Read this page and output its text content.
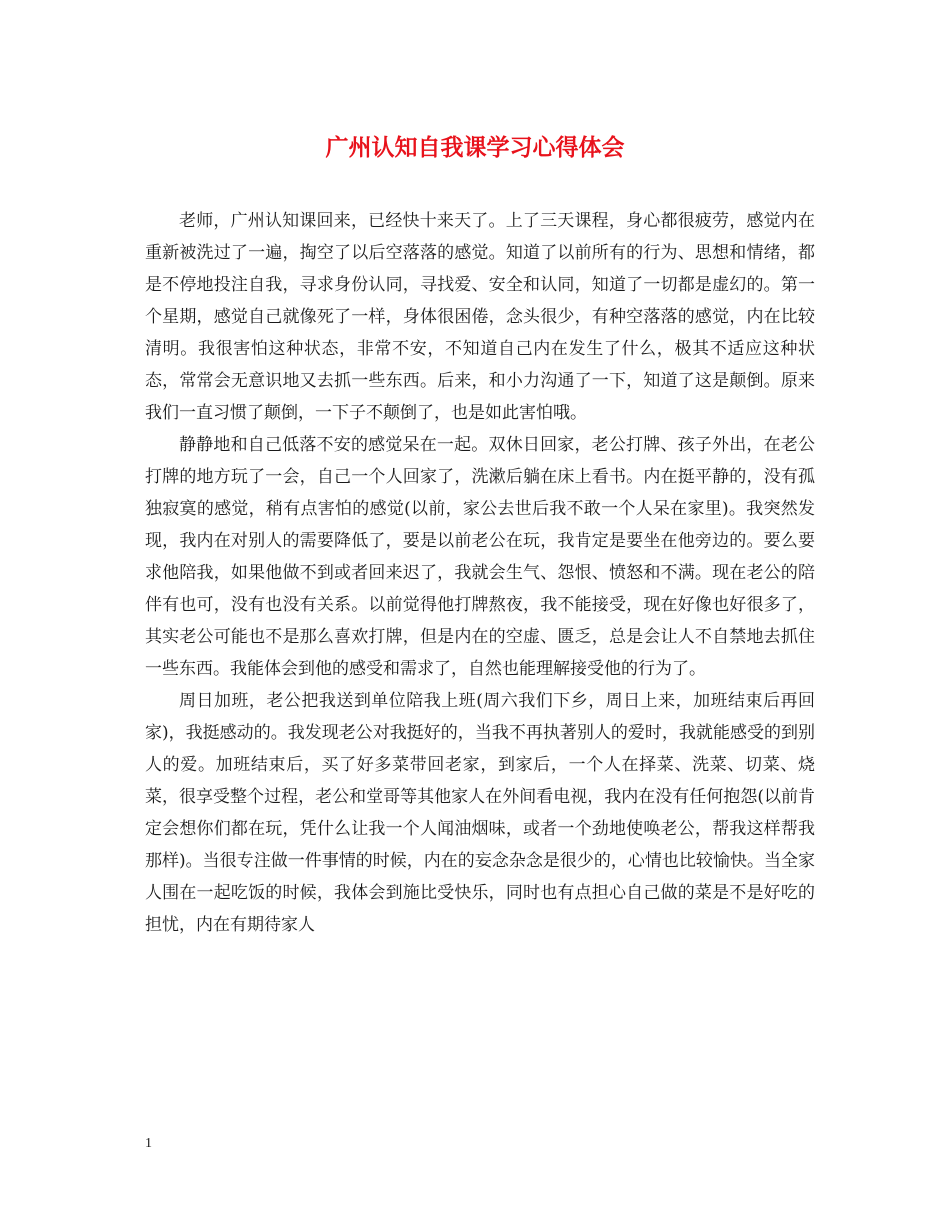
广州认知自我课学习心得体会

老师，广州认知课回来，已经快十来天了。上了三天课程，身心都很疲劳，感觉内在重新被洗过了一遍，掏空了以后空落落的感觉。知道了以前所有的行为、思想和情绪，都是不停地投注自我，寻求身份认同，寻找爱、安全和认同，知道了一切都是虚幻的。第一个星期，感觉自己就像死了一样，身体很困倦，念头很少，有种空落落的感觉，内在比较清明。我很害怕这种状态，非常不安，不知道自己内在发生了什么，极其不适应这种状态，常常会无意识地又去抓一些东西。后来，和小力沟通了一下，知道了这是颠倒。原来我们一直习惯了颠倒，一下子不颠倒了，也是如此害怕哦。

静静地和自己低落不安的感觉呆在一起。双休日回家，老公打牌、孩子外出，在老公打牌的地方玩了一会，自己一个人回家了，洗漱后躺在床上看书。内在挺平静的，没有孤独寂寞的感觉，稍有点害怕的感觉(以前，家公去世后我不敢一个人呆在家里)。我突然发现，我内在对别人的需要降低了，要是以前老公在玩，我肯定是要坐在他旁边的。要么要求他陪我，如果他做不到或者回来迟了，我就会生气、怨恨、愤怒和不满。现在老公的陪伴有也可，没有也没有关系。以前觉得他打牌熬夜，我不能接受，现在好像也好很多了，其实老公可能也不是那么喜欢打牌，但是内在的空虚、匮乏，总是会让人不自禁地去抓住一些东西。我能体会到他的感受和需求了，自然也能理解接受他的行为了。

周日加班，老公把我送到单位陪我上班(周六我们下乡，周日上来，加班结束后再回家)，我挺感动的。我发现老公对我挺好的，当我不再执著别人的爱时，我就能感受的到别人的爱。加班结束后，买了好多菜带回老家，到家后，一个人在择菜、洗菜、切菜、烧菜，很享受整个过程，老公和堂哥等其他家人在外间看电视，我内在没有任何抱怨(以前肯定会想你们都在玩，凭什么让我一个人闻油烟味，或者一个劲地使唤老公，帮我这样帮我那样)。当很专注做一件事情的时候，内在的妄念杂念是很少的，心情也比较愉快。当全家人围在一起吃饭的时候，我体会到施比受快乐，同时也有点担心自己做的菜是不是好吃的担忧，内在有期待家人

1
